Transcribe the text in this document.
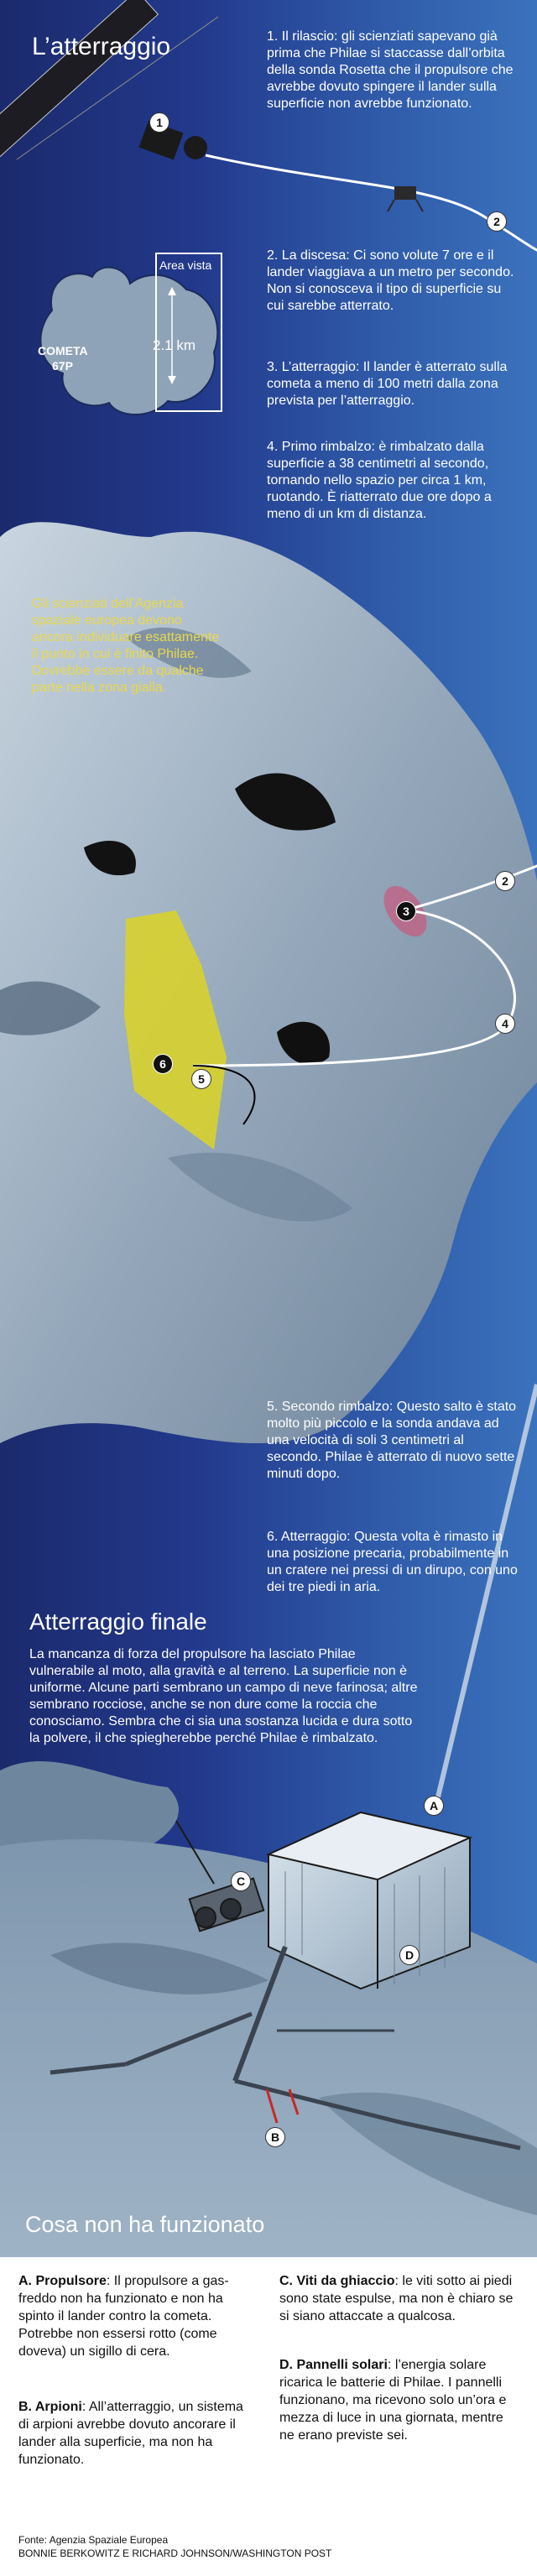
L’atterraggio
Area vista
COMETA
67P
2.1 km
1. Il rilascio: gli scienziati sapevano già prima che Philae si staccasse dall’orbita della sonda Rosetta che il propulsore che avrebbe dovuto spingere il lander sulla superficie non avrebbe funzionato.
2. La discesa: Ci sono volute 7 ore e il lander viaggiava a un metro per secondo. Non si conosceva il tipo di superficie su cui sarebbe atterrato.
3. L’atterraggio: Il lander è atterrato sulla cometa a meno di 100 metri dalla zona prevista per l’atterraggio.
4. Primo rimbalzo: è rimbalzato dalla superficie a 38 centimetri al secondo, tornando nello spazio per circa 1 km, ruotando. È riatterrato due ore dopo a meno di un km di distanza.
Gli scienziati dell’Agenzia spaziale europea devono ancora individuare esattamente il punto in cui è finito Philae. Dovrebbe essere da qualche parte nella zona gialla.
5. Secondo rimbalzo: Questo salto è stato molto più piccolo e la sonda andava ad una velocità di soli 3 centimetri al secondo. Philae è atterrato di nuovo sette minuti dopo.
6. Atterraggio: Questa volta è rimasto in una posizione precaria, probabilmente in un cratere nei pressi di un dirupo, con uno dei tre piedi in aria.
1
2
2
3
4
5
6
Atterraggio finale
La mancanza di forza del propulsore ha lasciato Philae vulnerabile al moto, alla gravità e al terreno. La superficie non è uniforme. Alcune parti sembrano un campo di neve farinosa; altre sembrano rocciose, anche se non dure come la roccia che conosciamo. Sembra che ci sia una sostanza lucida e dura sotto la polvere, il che spiegherebbe perché Philae è rimbalzato.
A
B
C
D
Cosa non ha funzionato
A. Propulsore: Il propulsore a gas-freddo non ha funzionato e non ha spinto il lander contro la cometa. Potrebbe non essersi rotto (come doveva) un sigillo di cera.
B. Arpioni: All’atterraggio, un sistema di arpioni avrebbe dovuto ancorare il lander alla superficie, ma non ha funzionato.
C. Viti da ghiaccio: le viti sotto ai piedi sono state espulse, ma non è chiaro se si siano attaccate a qualcosa.
D. Pannelli solari: l’energia solare ricarica le batterie di Philae. I pannelli funzionano, ma ricevono solo un’ora e mezza di luce in una giornata, mentre ne erano previste sei.
Fonte: Agenzia Spaziale Europea
BONNIE BERKOWITZ E RICHARD JOHNSON/WASHINGTON POST
